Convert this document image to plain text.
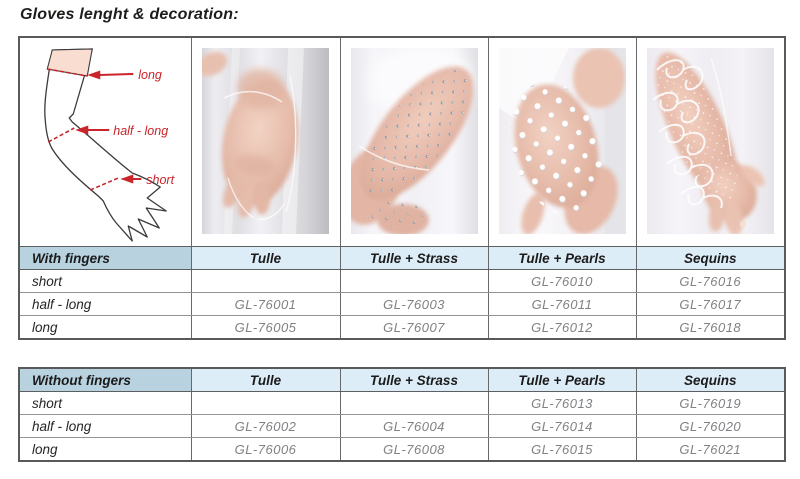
Gloves lenght & decoration:
long
half - long
short

With fingers	Tulle	Tulle + Strass	Tulle + Pearls	Sequins
short			GL-76010	GL-76016
half - long	GL-76001	GL-76003	GL-76011	GL-76017
long	GL-76005	GL-76007	GL-76012	GL-76018
Without fingers	Tulle	Tulle + Strass	Tulle + Pearls	Sequins
short			GL-76013	GL-76019
half - long	GL-76002	GL-76004	GL-76014	GL-76020
long	GL-76006	GL-76008	GL-76015	GL-76021
